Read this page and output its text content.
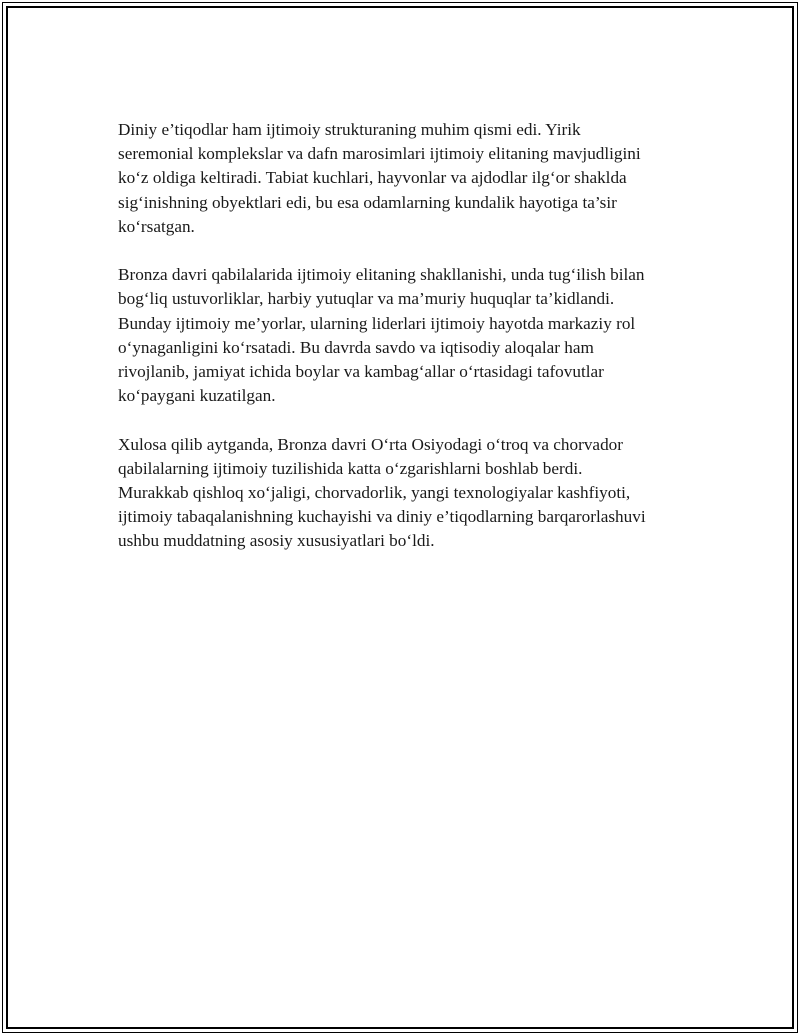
Diniy e’tiqodlar ham ijtimoiy strukturaning muhim qismi edi. Yirik
seremonial komplekslar va dafn marosimlari ijtimoiy elitaning mavjudligini
ko‘z oldiga keltiradi. Tabiat kuchlari, hayvonlar va ajdodlar ilg‘or shaklda
sig‘inishning obyektlari edi, bu esa odamlarning kundalik hayotiga ta’sir
ko‘rsatgan.

Bronza davri qabilalarida ijtimoiy elitaning shakllanishi, unda tug‘ilish bilan
bog‘liq ustuvorliklar, harbiy yutuqlar va ma’muriy huquqlar ta’kidlandi.
Bunday ijtimoiy me’yorlar, ularning liderlari ijtimoiy hayotda markaziy rol
o‘ynaganligini ko‘rsatadi. Bu davrda savdo va iqtisodiy aloqalar ham
rivojlanib, jamiyat ichida boylar va kambag‘allar o‘rtasidagi tafovutlar
ko‘paygani kuzatilgan.

Xulosa qilib aytganda, Bronza davri O‘rta Osiyodagi o‘troq va chorvador
qabilalarning ijtimoiy tuzilishida katta o‘zgarishlarni boshlab berdi.
Murakkab qishloq xo‘jaligi, chorvadorlik, yangi texnologiyalar kashfiyoti,
ijtimoiy tabaqalanishning kuchayishi va diniy e’tiqodlarning barqarorlashuvi
ushbu muddatning asosiy xususiyatlari bo‘ldi.
